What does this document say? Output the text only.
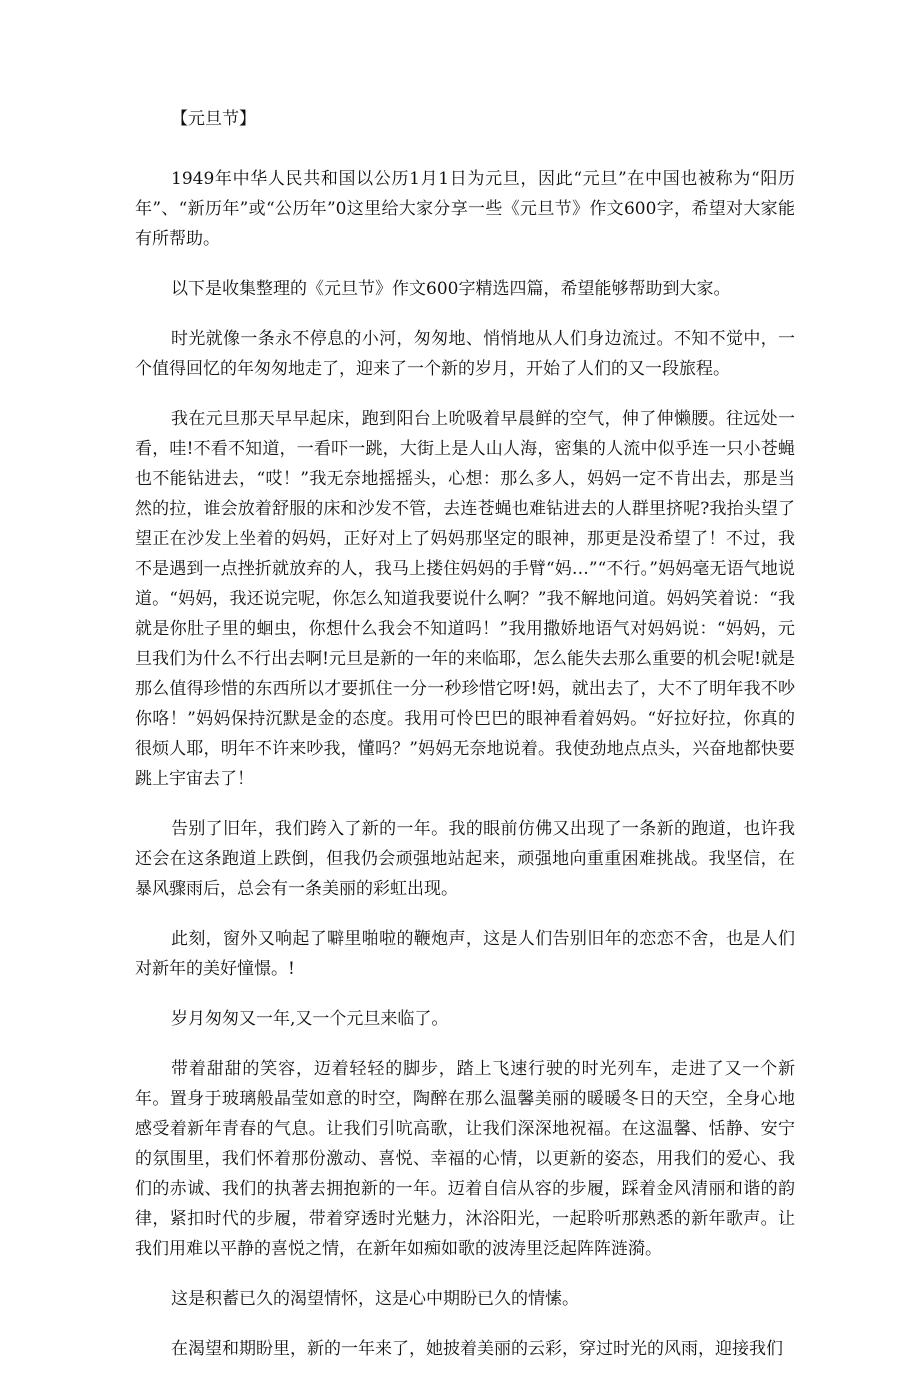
【元旦节】

1949年中华人民共和国以公历1月1日为元旦，因此“元旦”在中国也被称为“阳历年”、“新历年”或“公历年”0这里给大家分享一些《元旦节》作文600字，希望对大家能有所帮助。

以下是收集整理的《元旦节》作文600字精选四篇，希望能够帮助到大家。

时光就像一条永不停息的小河，匆匆地、悄悄地从人们身边流过。不知不觉中，一个值得回忆的年匆匆地走了，迎来了一个新的岁月，开始了人们的又一段旅程。

我在元旦那天早早起床，跑到阳台上吮吸着早晨鲜的空气，伸了伸懒腰。往远处一看，哇!不看不知道，一看吓一跳，大街上是人山人海，密集的人流中似乎连一只小苍蝇也不能钻进去，“哎！”我无奈地摇摇头，心想：那么多人，妈妈一定不肯出去，那是当然的拉，谁会放着舒服的床和沙发不管，去连苍蝇也难钻进去的人群里挤呢?我抬头望了望正在沙发上坐着的妈妈，正好对上了妈妈那坚定的眼神，那更是没希望了！不过，我不是遇到一点挫折就放弃的人，我马上搂住妈妈的手臂“妈…”“不行。”妈妈毫无语气地说道。“妈妈，我还说完呢，你怎么知道我要说什么啊？”我不解地问道。妈妈笑着说：“我就是你肚子里的蛔虫，你想什么我会不知道吗！”我用撒娇地语气对妈妈说：“妈妈，元旦我们为什么不行出去啊!元旦是新的一年的来临耶，怎么能失去那么重要的机会呢!就是那么值得珍惜的东西所以才要抓住一分一秒珍惜它呀!妈，就出去了，大不了明年我不吵你咯！”妈妈保持沉默是金的态度。我用可怜巴巴的眼神看着妈妈。“好拉好拉，你真的很烦人耶，明年不许来吵我，懂吗？”妈妈无奈地说着。我使劲地点点头，兴奋地都快要跳上宇宙去了！

告别了旧年，我们跨入了新的一年。我的眼前仿佛又出现了一条新的跑道，也许我还会在这条跑道上跌倒，但我仍会顽强地站起来，顽强地向重重困难挑战。我坚信，在暴风骤雨后，总会有一条美丽的彩虹出现。

此刻，窗外又响起了噼里啪啦的鞭炮声，这是人们告别旧年的恋恋不舍，也是人们对新年的美好憧憬。!

岁月匆匆又一年,又一个元旦来临了。

带着甜甜的笑容，迈着轻轻的脚步，踏上飞速行驶的时光列车，走进了又一个新年。置身于玻璃般晶莹如意的时空，陶醉在那么温馨美丽的暖暖冬日的天空，全身心地感受着新年青春的气息。让我们引吭高歌，让我们深深地祝福。在这温馨、恬静、安宁的氛围里，我们怀着那份激动、喜悦、幸福的心情，以更新的姿态，用我们的爱心、我们的赤诚、我们的执著去拥抱新的一年。迈着自信从容的步履，踩着金风清丽和谐的韵律，紧扣时代的步履，带着穿透时光魅力，沐浴阳光，一起聆听那熟悉的新年歌声。让我们用难以平静的喜悦之情，在新年如痴如歌的波涛里泛起阵阵涟漪。

这是积蓄已久的渴望情怀，这是心中期盼已久的情愫。

在渴望和期盼里，新的一年来了，她披着美丽的云彩，穿过时光的风雨，迎接我们
